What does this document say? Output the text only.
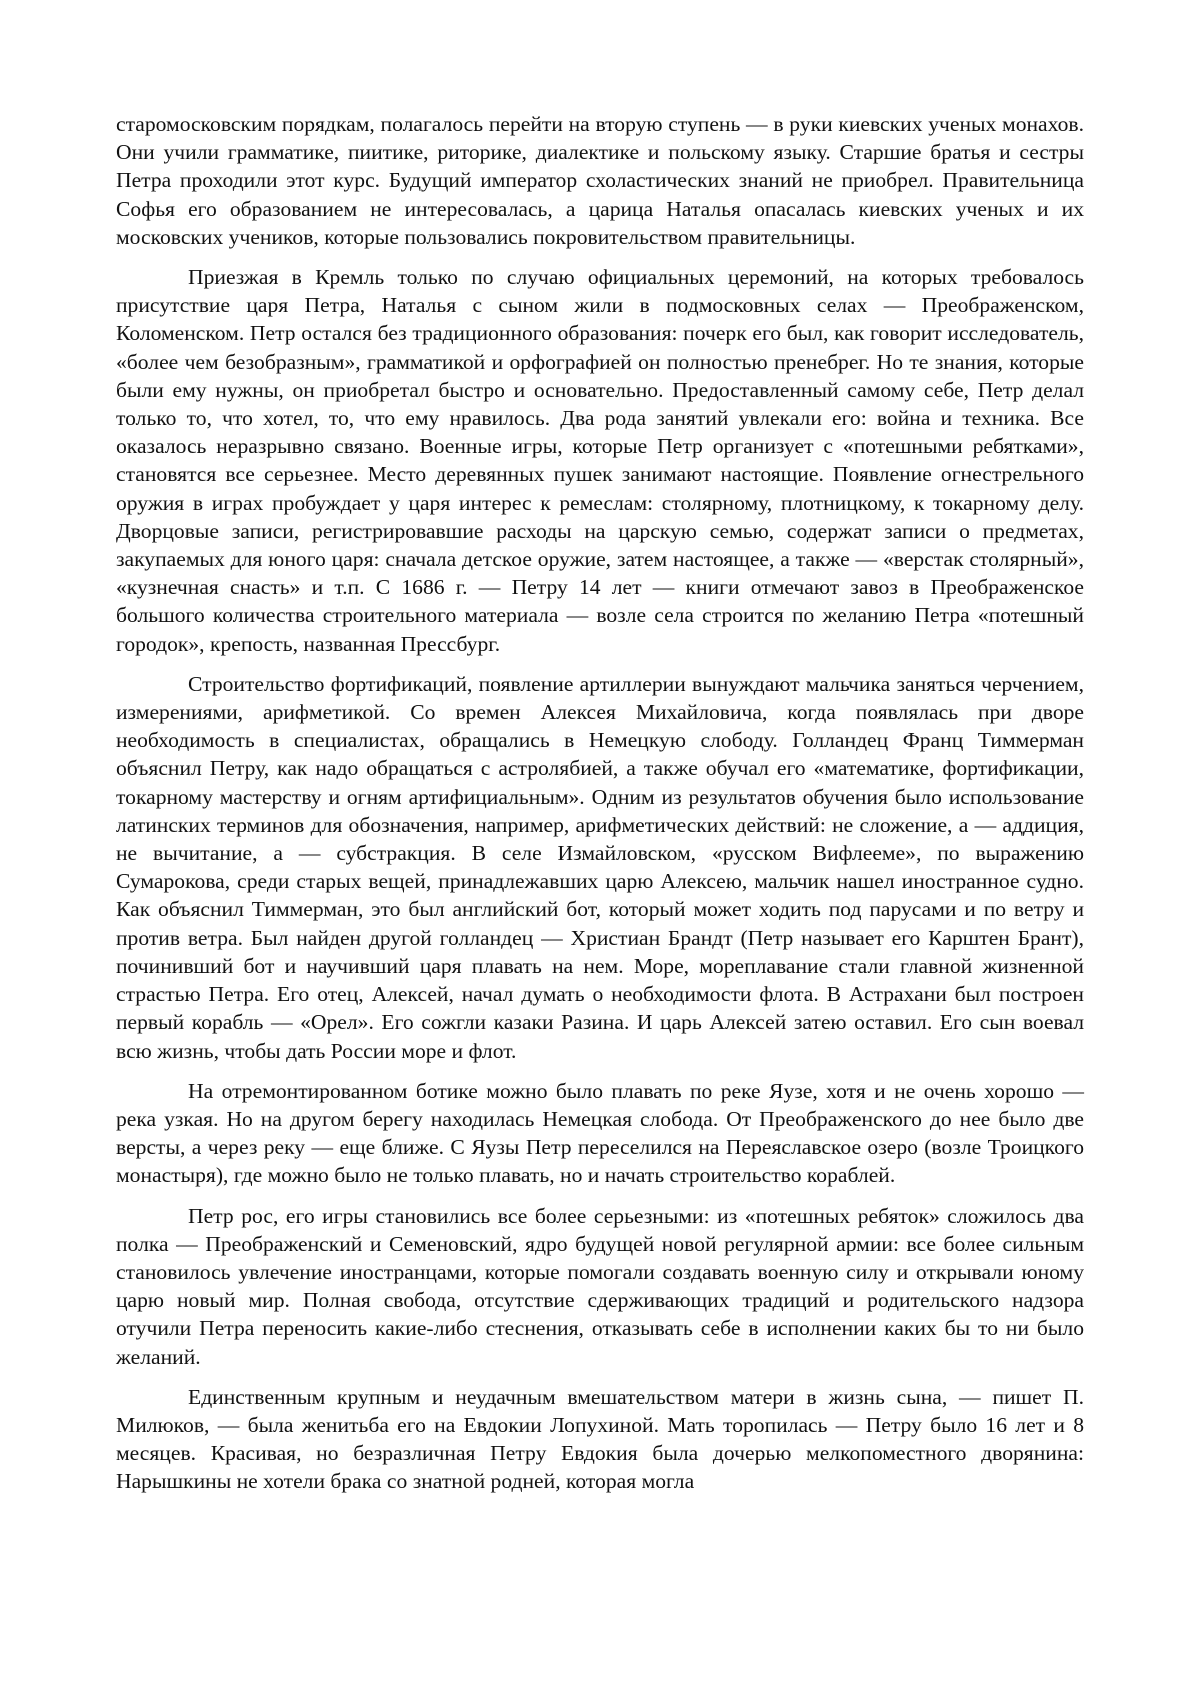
старомосковским порядкам, полагалось перейти на вторую ступень — в руки киевских ученых монахов. Они учили грамматике, пиитике, риторике, диалектике и польскому языку. Старшие братья и сестры Петра проходили этот курс. Будущий император схоластических знаний не приобрел. Правительница Софья его образованием не интересовалась, а царица Наталья опасалась киевских ученых и их московских учеников, которые пользовались покровительством правительницы.

Приезжая в Кремль только по случаю официальных церемоний, на которых требовалось присутствие царя Петра, Наталья с сыном жили в подмосковных селах — Преображенском, Коломенском. Петр остался без традиционного образования: почерк его был, как говорит исследователь, «более чем безобразным», грамматикой и орфографией он полностью пренебрег. Но те знания, которые были ему нужны, он приобретал быстро и основательно. Предоставленный самому себе, Петр делал только то, что хотел, то, что ему нравилось. Два рода занятий увлекали его: война и техника. Все оказалось неразрывно связано. Военные игры, которые Петр организует с «потешными ребятками», становятся все серьезнее. Место деревянных пушек занимают настоящие. Появление огнестрельного оружия в играх пробуждает у царя интерес к ремеслам: столярному, плотницкому, к токарному делу. Дворцовые записи, регистрировавшие расходы на царскую семью, содержат записи о предметах, закупаемых для юного царя: сначала детское оружие, затем настоящее, а также — «верстак столярный», «кузнечная снасть» и т.п. С 1686 г. — Петру 14 лет — книги отмечают завоз в Преображенское большого количества строительного материала — возле села строится по желанию Петра «потешный городок», крепость, названная Прессбург.

Строительство фортификаций, появление артиллерии вынуждают мальчика заняться черчением, измерениями, арифметикой. Со времен Алексея Михайловича, когда появлялась при дворе необходимость в специалистах, обращались в Немецкую слободу. Голландец Франц Тиммерман объяснил Петру, как надо обращаться с астролябией, а также обучал его «математике, фортификации, токарному мастерству и огням артифициальным». Одним из результатов обучения было использование латинских терминов для обозначения, например, арифметических действий: не сложение, а — аддиция, не вычитание, а — субстракция. В селе Измайловском, «русском Вифлееме», по выражению Сумарокова, среди старых вещей, принадлежавших царю Алексею, мальчик нашел иностранное судно. Как объяснил Тиммерман, это был английский бот, который может ходить под парусами и по ветру и против ветра. Был найден другой голландец — Христиан Брандт (Петр называет его Карштен Брант), починивший бот и научивший царя плавать на нем. Море, мореплавание стали главной жизненной страстью Петра. Его отец, Алексей, начал думать о необходимости флота. В Астрахани был построен первый корабль — «Орел». Его сожгли казаки Разина. И царь Алексей затею оставил. Его сын воевал всю жизнь, чтобы дать России море и флот.

На отремонтированном ботике можно было плавать по реке Яузе, хотя и не очень хорошо — река узкая. Но на другом берегу находилась Немецкая слобода. От Преображенского до нее было две версты, а через реку — еще ближе. С Яузы Петр переселился на Переяславское озеро (возле Троицкого монастыря), где можно было не только плавать, но и начать строительство кораблей.

Петр рос, его игры становились все более серьезными: из «потешных ребяток» сложилось два полка — Преображенский и Семеновский, ядро будущей новой регулярной армии: все более сильным становилось увлечение иностранцами, которые помогали создавать военную силу и открывали юному царю новый мир. Полная свобода, отсутствие сдерживающих традиций и родительского надзора отучили Петра переносить какие-либо стеснения, отказывать себе в исполнении каких бы то ни было желаний.

Единственным крупным и неудачным вмешательством матери в жизнь сына, — пишет П. Милюков, — была женитьба его на Евдокии Лопухиной. Мать торопилась — Петру было 16 лет и 8 месяцев. Красивая, но безразличная Петру Евдокия была дочерью мелкопоместного дворянина: Нарышкины не хотели брака со знатной родней, которая могла
